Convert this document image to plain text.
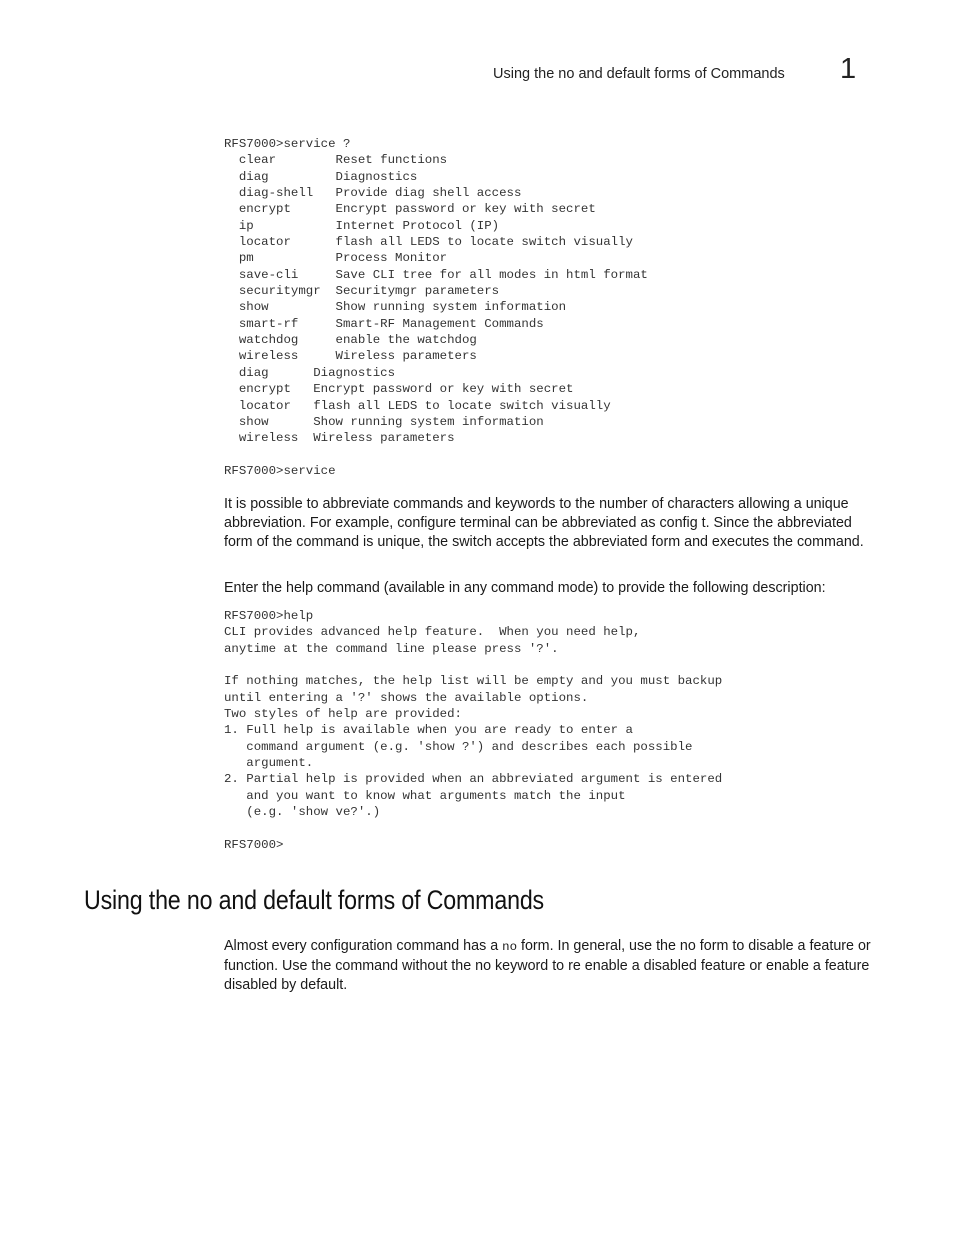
Using the no and default forms of Commands 1
RFS7000>service ?
clear        Reset functions
diag         Diagnostics
diag-shell   Provide diag shell access
encrypt      Encrypt password or key with secret
ip           Internet Protocol (IP)
locator      flash all LEDS to locate switch visually
pm           Process Monitor
save-cli     Save CLI tree for all modes in html format
securitymgr  Securitymgr parameters
show         Show running system information
smart-rf     Smart-RF Management Commands
watchdog     enable the watchdog
wireless     Wireless parameters
diag      Diagnostics
encrypt   Encrypt password or key with secret
locator   flash all LEDS to locate switch visually
show      Show running system information
wireless  Wireless parameters

RFS7000>service

It is possible to abbreviate commands and keywords to the number of characters allowing a unique abbreviation. For example, configure terminal can be abbreviated as config t. Since the abbreviated form of the command is unique, the switch accepts the abbreviated form and executes the command.

Enter the help command (available in any command mode) to provide the following description:

RFS7000>help
CLI provides advanced help feature.  When you need help,
anytime at the command line please press '?'.

If nothing matches, the help list will be empty and you must backup
until entering a '?' shows the available options.
Two styles of help are provided:
1. Full help is available when you are ready to enter a
command argument (e.g. 'show ?') and describes each possible
argument.
2. Partial help is provided when an abbreviated argument is entered
and you want to know what arguments match the input
(e.g. 'show ve?'.)

RFS7000>
Using the no and default forms of Commands

Almost every configuration command has a no form. In general, use the no form to disable a feature or function. Use the command without the no keyword to re enable a disabled feature or enable a feature disabled by default.
